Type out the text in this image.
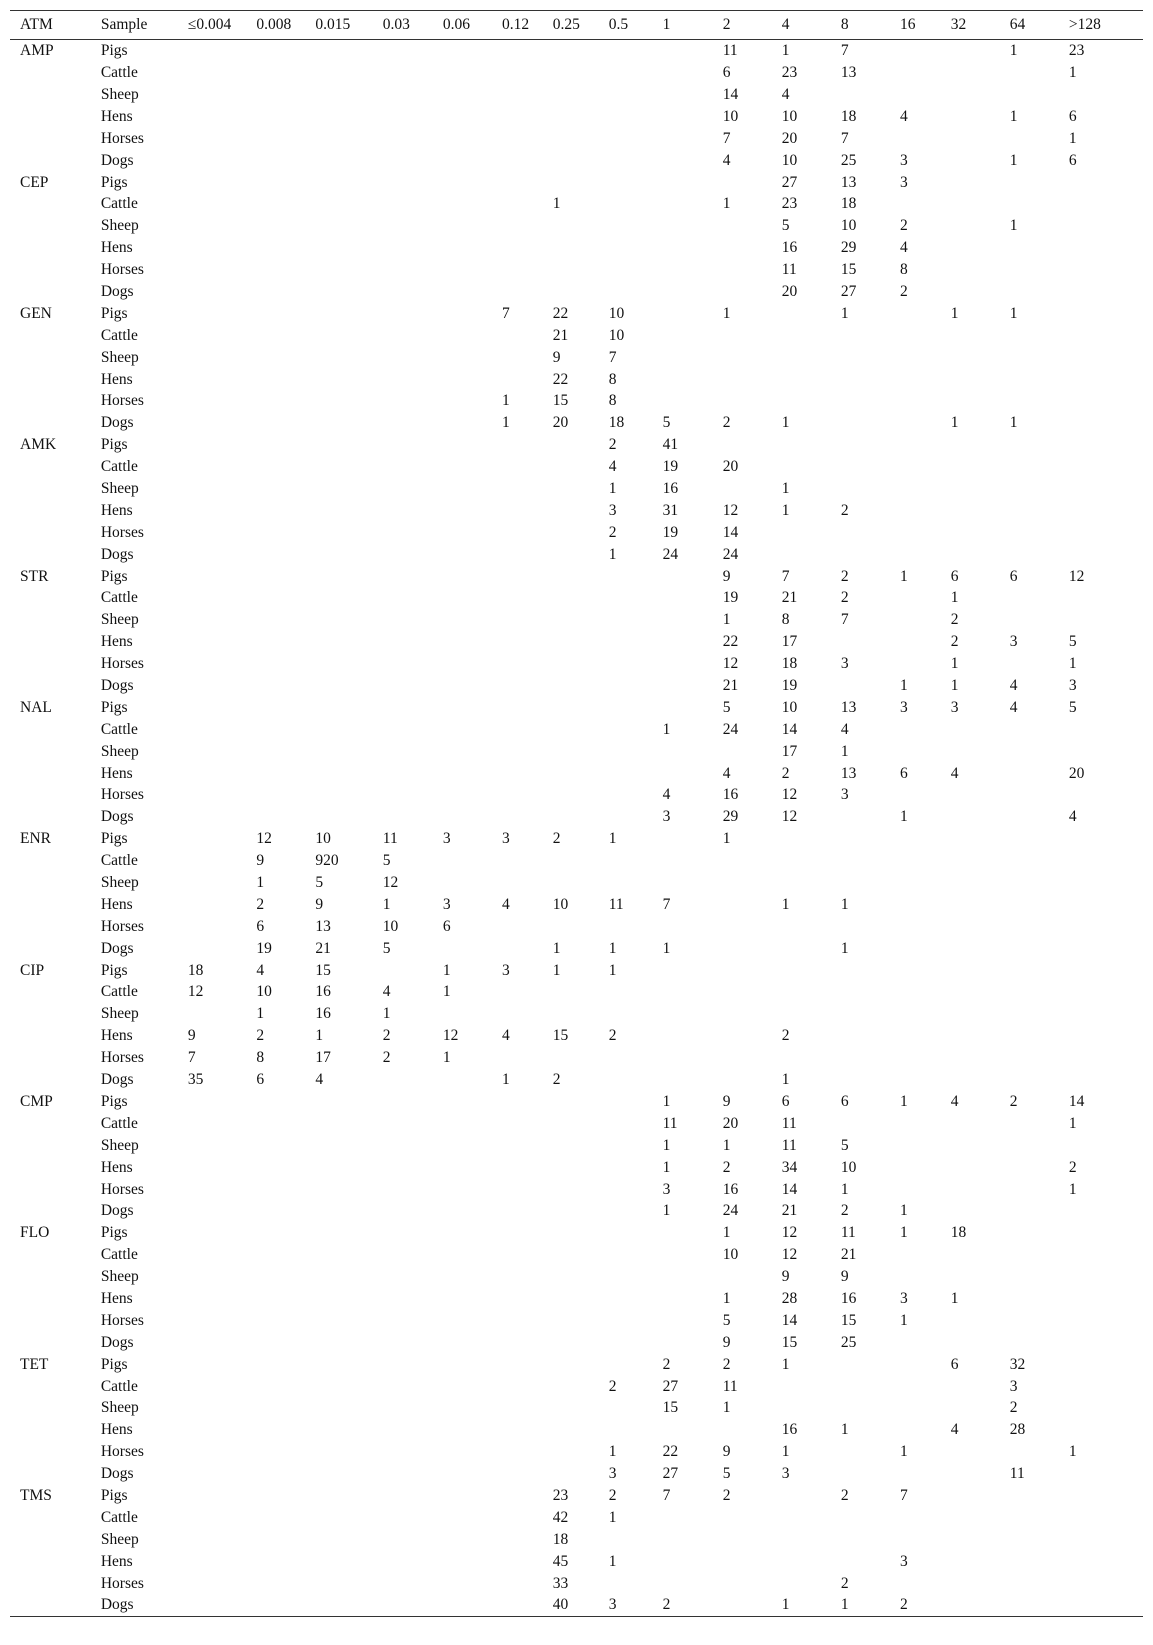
ATM	Sample	≤0.004	0.008	0.015	0.03	0.06	0.12	0.25	0.5	1	2	4	8	16	32	64	>128
AMP	Pigs										11	1	7			1	23
	Cattle										6	23	13				1
	Sheep										14	4					
	Hens										10	10	18	4		1	6
	Horses										7	20	7				1
	Dogs										4	10	25	3		1	6
CEP	Pigs											27	13	3			
	Cattle							1			1	23	18				
	Sheep											5	10	2		1	
	Hens											16	29	4			
	Horses											11	15	8			
	Dogs											20	27	2			
GEN	Pigs						7	22	10		1		1		1	1	
	Cattle							21	10								
	Sheep							9	7								
	Hens							22	8								
	Horses						1	15	8								
	Dogs						1	20	18	5	2	1			1	1	
AMK	Pigs								2	41							
	Cattle								4	19	20						
	Sheep								1	16		1					
	Hens								3	31	12	1	2				
	Horses								2	19	14						
	Dogs								1	24	24						
STR	Pigs										9	7	2	1	6	6	12
	Cattle										19	21	2		1		
	Sheep										1	8	7		2		
	Hens										22	17			2	3	5
	Horses										12	18	3		1		1
	Dogs										21	19		1	1	4	3
NAL	Pigs										5	10	13	3	3	4	5
	Cattle									1	24	14	4				
	Sheep											17	1				
	Hens										4	2	13	6	4		20
	Horses									4	16	12	3				
	Dogs									3	29	12		1			4
ENR	Pigs		12	10	11	3	3	2	1		1						
	Cattle		9	920	5												
	Sheep		1	5	12												
	Hens		2	9	1	3	4	10	11	7		1	1				
	Horses		6	13	10	6											
	Dogs		19	21	5			1	1	1			1				
CIP	Pigs	18	4	15		1	3	1	1								
	Cattle	12	10	16	4	1											
	Sheep		1	16	1												
	Hens	9	2	1	2	12	4	15	2			2					
	Horses	7	8	17	2	1											
	Dogs	35	6	4			1	2				1					
CMP	Pigs									1	9	6	6	1	4	2	14
	Cattle									11	20	11					1
	Sheep									1	1	11	5				
	Hens									1	2	34	10				2
	Horses									3	16	14	1				1
	Dogs									1	24	21	2	1			
FLO	Pigs										1	12	11	1	18		
	Cattle										10	12	21				
	Sheep											9	9				
	Hens										1	28	16	3	1		
	Horses										5	14	15	1			
	Dogs										9	15	25				
TET	Pigs									2	2	1			6	32	
	Cattle								2	27	11					3	
	Sheep									15	1					2	
	Hens											16	1		4	28	
	Horses								1	22	9	1		1			1
	Dogs								3	27	5	3				11	
TMS	Pigs							23	2	7	2		2	7			
	Cattle							42	1								
	Sheep							18									
	Hens							45	1					3			
	Horses							33					2				
	Dogs							40	3	2		1	1	2			
